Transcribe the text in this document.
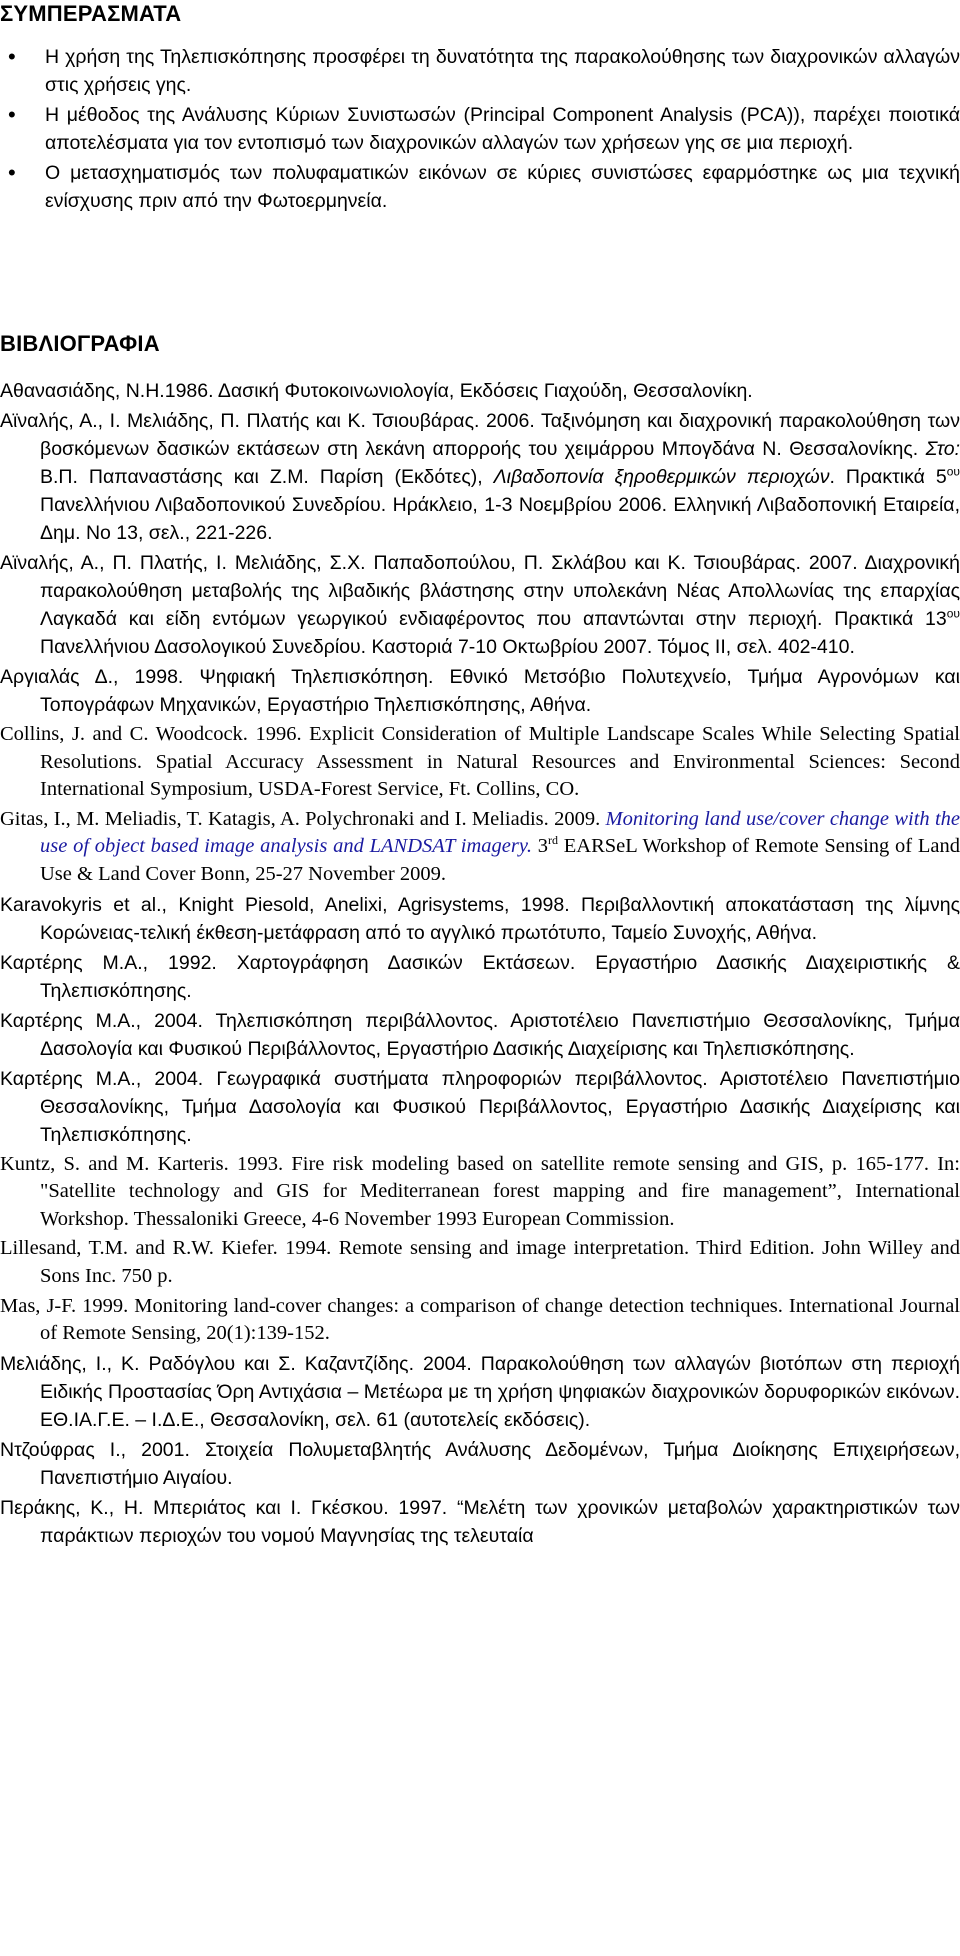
ΣΥΜΠΕΡΑΣΜΑΤΑ
• Η χρήση της Τηλεπισκόπησης προσφέρει τη δυνατότητα της παρακολούθησης των διαχρονικών αλλαγών στις χρήσεις γης.
• Η μέθοδος της Ανάλυσης Κύριων Συνιστωσών (Principal Component Analysis (PCA)), παρέχει ποιοτικά αποτελέσματα για τον εντοπισμό των διαχρονικών αλλαγών των χρήσεων γης σε μια περιοχή.
• Ο μετασχηματισμός των πολυφαματικών εικόνων σε κύριες συνιστώσες εφαρμόστηκε ως μια τεχνική ενίσχυσης πριν από την Φωτοερμηνεία.
ΒΙΒΛΙΟΓΡΑΦΙΑ

Αθανασιάδης, Ν.Η.1986. Δασική Φυτοκοινωνιολογία, Εκδόσεις Γιαχούδη, Θεσσαλονίκη.

Αϊναλής, Α., Ι. Μελιάδης, Π. Πλατής και Κ. Τσιουβάρας. 2006. Ταξινόμηση και διαχρονική παρακολούθηση των βοσκόμενων δασικών εκτάσεων στη λεκάνη απορροής του χειμάρρου Μπογδάνα Ν. Θεσσαλονίκης. Στο: Β.Π. Παπαναστάσης και Ζ.Μ. Παρίση (Εκδότες), Λιβαδοπονία ξηροθερμικών περιοχών. Πρακτικά $5^{o\upsilon}$ Πανελλήνιου Λιβαδοπονικού Συνεδρίου. Ηράκλειο, 1-3 Νοεμβρίου 2006. Ελληνική Λιβαδοπονική Εταιρεία, Δημ. Νο 13, σελ., 221-226.

Αϊναλής, Α., Π. Πλατής, Ι. Μελιάδης, Σ.Χ. Παπαδοπούλου, Π. Σκλάβου και Κ. Τσιουβάρας. 2007. Διαχρονική παρακολούθηση μεταβολής της λιβαδικής βλάστησης στην υπολεκάνη Νέας Απολλωνίας της επαρχίας Λαγκαδά και είδη εντόμων γεωργικού ενδιαφέροντος που απαντώνται στην περιοχή. Πρακτικά $13^{o\upsilon}$ Πανελλήνιου Δασολογικού Συνεδρίου. Καστοριά 7-10 Οκτωβρίου 2007. Τόμος ΙΙ, σελ. 402-410.

Αργιαλάς Δ., 1998. Ψηφιακή Τηλεπισκόπηση. Εθνικό Μετσόβιο Πολυτεχνείο, Τμήμα Αγρονόμων και Τοπογράφων Μηχανικών, Εργαστήριο Τηλεπισκόπησης, Αθήνα.

Collins, J. and C. Woodcock. 1996. Explicit Consideration of Multiple Landscape Scales While Selecting Spatial Resolutions. Spatial Accuracy Assessment in Natural Resources and Environmental Sciences: Second International Symposium, USDA-Forest Service, Ft. Collins, CO.

Gitas, I., M. Meliadis, T. Katagis, A. Polychronaki and I. Meliadis. 2009. Monitoring land use/cover change with the use of object based image analysis and LANDSAT imagery. 3rd EARSeL Workshop of Remote Sensing of Land Use & Land Cover Bonn, 25-27 November 2009.

Karavokyris et al., Knight Piesold, Anelixi, Agrisystems, 1998. Περιβαλλοντική αποκατάσταση της λίμνης Κορώνειας-τελική έκθεση-μετάφραση από το αγγλικό πρωτότυπο, Ταμείο Συνοχής, Αθήνα.

Καρτέρης Μ.Α., 1992. Χαρτογράφηση Δασικών Εκτάσεων. Εργαστήριο Δασικής Διαχειριστικής & Τηλεπισκόπησης.

Καρτέρης Μ.Α., 2004. Τηλεπισκόπηση περιβάλλοντος. Αριστοτέλειο Πανεπιστήμιο Θεσσαλονίκης, Τμήμα Δασολογία και Φυσικού Περιβάλλοντος, Εργαστήριο Δασικής Διαχείρισης και Τηλεπισκόπησης.

Καρτέρης Μ.Α., 2004. Γεωγραφικά συστήματα πληροφοριών περιβάλλοντος. Αριστοτέλειο Πανεπιστήμιο Θεσσαλονίκης, Τμήμα Δασολογία και Φυσικού Περιβάλλοντος, Εργαστήριο Δασικής Διαχείρισης και Τηλεπισκόπησης.

Kuntz, S. and M. Karteris. 1993. Fire risk modeling based on satellite remote sensing and GIS, p. 165-177. In: "Satellite technology and GIS for Mediterranean forest mapping and fire management”, International Workshop. Thessaloniki Greece, 4-6 November 1993 European Commission.

Lillesand, T.M. and R.W. Kiefer. 1994. Remote sensing and image interpretation. Third Edition. John Willey and Sons Inc. 750 p.

Mas, J-F. 1999. Monitoring land-cover changes: a comparison of change detection techniques. International Journal of Remote Sensing, 20(1):139-152.

Μελιάδης, Ι., Κ. Ραδόγλου και Σ. Καζαντζίδης. 2004. Παρακολούθηση των αλλαγών βιοτόπων στη περιοχή Ειδικής Προστασίας Όρη Αντιχάσια – Μετέωρα με τη χρήση ψηφιακών διαχρονικών δορυφορικών εικόνων. ΕΘ.ΙΑ.Γ.Ε. – Ι.Δ.Ε., Θεσσαλονίκη, σελ. 61 (αυτοτελείς εκδόσεις).

Ντζούφρας Ι., 2001. Στοιχεία Πολυμεταβλητής Ανάλυσης Δεδομένων, Τμήμα Διοίκησης Επιχειρήσεων, Πανεπιστήμιο Αιγαίου.

Περάκης, Κ., Η. Μπεριάτος και Ι. Γκέσκου. 1997. “Μελέτη των χρονικών μεταβολών χαρακτηριστικών των παράκτιων περιοχών του νομού Μαγνησίας της τελευταία
